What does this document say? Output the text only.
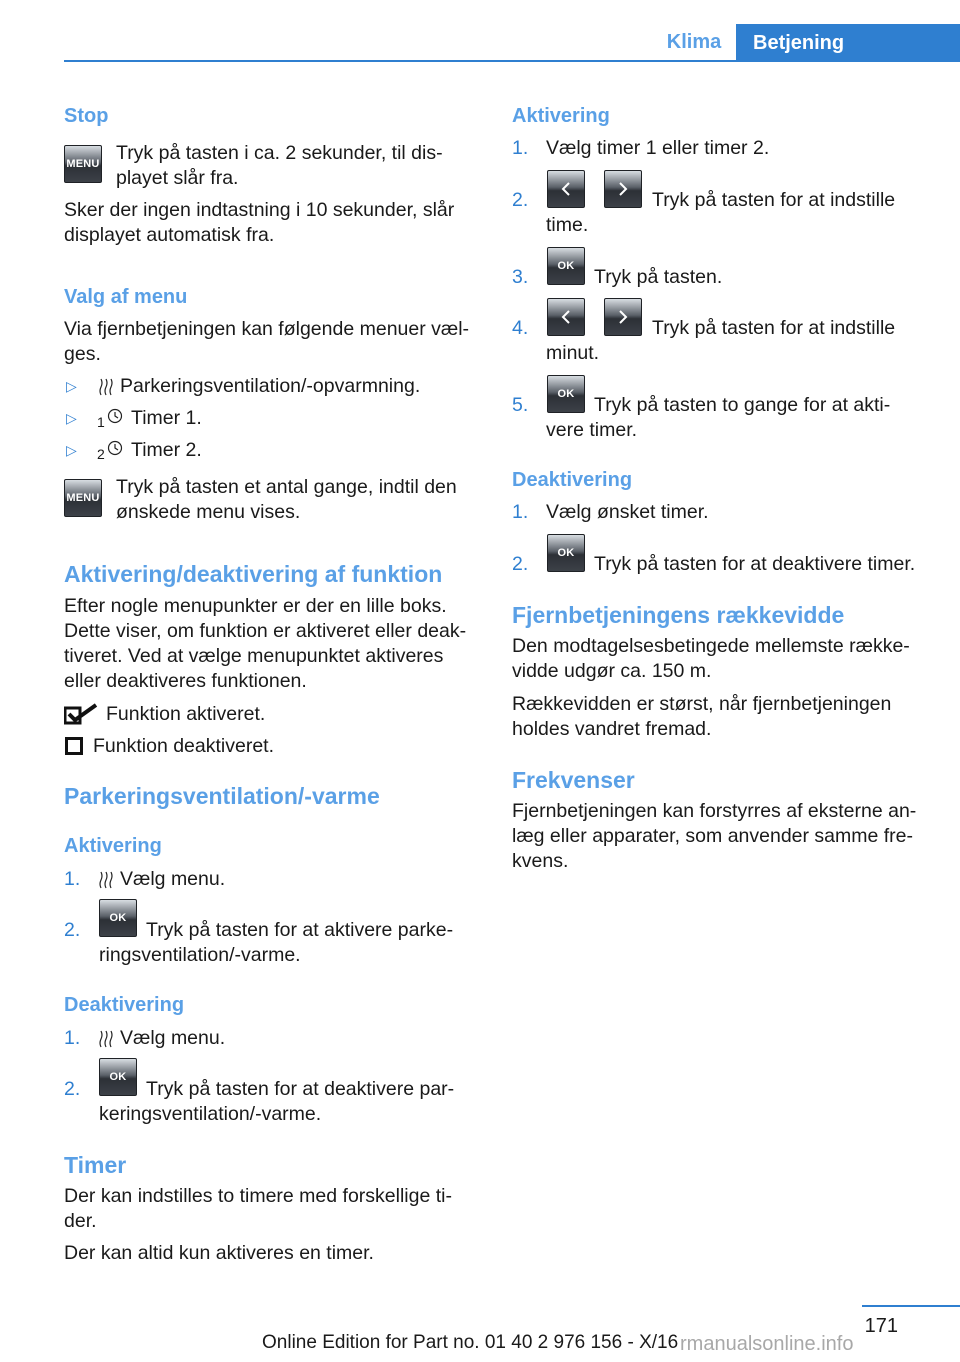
Klima	Betjening
Stop
MENU Tryk på tasten i ca. 2 sekunder, til dis-
playet slår fra.
Sker der ingen indtastning i 10 sekunder, slår
displayet automatisk fra.
Valg af menu
Via fjernbetjeningen kan følgende menuer væl-
ges.
▷ Parkeringsventilation/-opvarmning.
▷ 1 Timer 1.
▷ 2 Timer 2.
MENU Tryk på tasten et antal gange, indtil den
ønskede menu vises.
Aktivering/deaktivering af funktion
Efter nogle menupunkter er der en lille boks.
Dette viser, om funktion er aktiveret eller deak-
tiveret. Ved at vælge menupunktet aktiveres
eller deaktiveres funktionen.
Funktion aktiveret.
Funktion deaktiveret.
Parkeringsventilation/-varme
Aktivering
1. Vælg menu.
2.
OK
Tryk på tasten for at aktivere parke-
ringsventilation/-varme.
Deaktivering
1. Vælg menu.
2.
OK
Tryk på tasten for at deaktivere par-
keringsventilation/-varme.
Timer
Der kan indstilles to timere med forskellige ti-
der.
Der kan altid kun aktiveres en timer.
Aktivering
1. Vælg timer 1 eller timer 2.
2.	Tryk på tasten for at indstille
time.
3.	OK	Tryk på tasten.
4.	Tryk på tasten for at indstille
minut.
5.	OK	Tryk på tasten to gange for at akti-
vere timer.
Deaktivering
1. Vælg ønsket timer.
2.	OK	Tryk på tasten for at deaktivere timer.
Fjernbetjeningens rækkevidde
Den modtagelsesbetingede mellemste række-
vidde udgør ca. 150 m.
Rækkevidden er størst, når fjernbetjeningen
holdes vandret fremad.
Frekvenser
Fjernbetjeningen kan forstyrres af eksterne an-
læg eller apparater, som anvender samme fre-
kvens.
171
Online Edition for Part no. 01 40 2 976 156 - X/16 rmanualsonline.info
